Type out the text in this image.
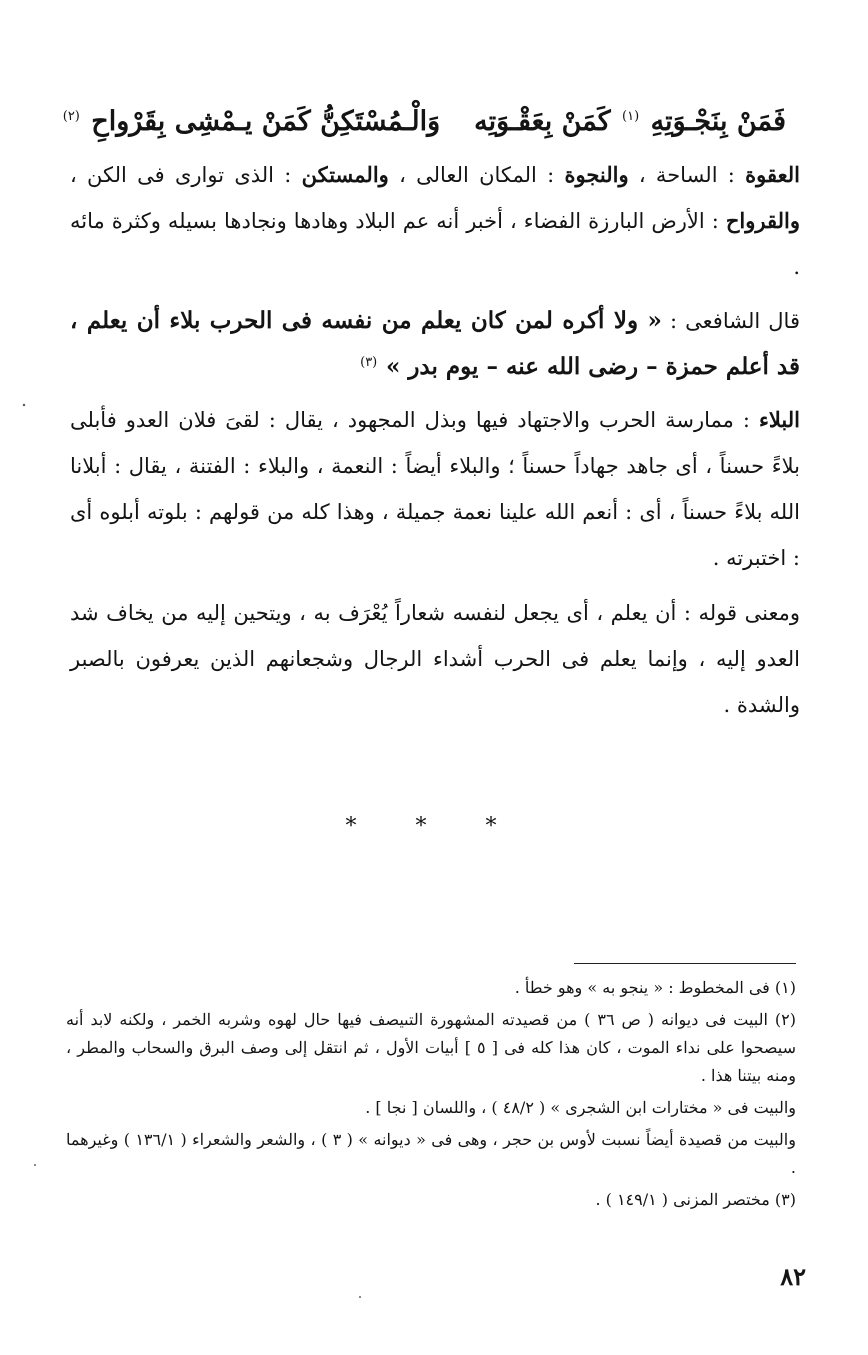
فَمَنْ بِنَجْـوَتِهِ $^{(١)}$ كَمَنْ بِعَقْـوَتِهوَالْـمُسْتَكِنُّ كَمَنْ يـمْشِى بِقَرْواحِ $^{(٢)}$

العقوة : الساحة ، والنجوة : المكان العالى ، والمستكن : الذى توارى فى الكن ، والقرواح : الأرض البارزة الفضاء ، أخبر أنه عم البلاد وهادها ونجادها بسيله وكثرة مائه .

قال الشافعى : « ولا أكره لمن كان يعلم من نفسه فى الحرب بلاء أن يعلم ، قد أعلم حمزة – رضى الله عنه – يوم بدر » $^{(٣)}$

البلاء : ممارسة الحرب والاجتهاد فيها وبذل المجهود ، يقال : لقىَ فلان العدو فأبلى بلاءً حسناً ، أى جاهد جهاداً حسناً ؛ والبلاء أيضاً : النعمة ، والبلاء : الفتنة ، يقال : أبلانا الله بلاءً حسناً ، أى : أنعم الله علينا نعمة جميلة ، وهذا كله من قولهم : بلوته أبلوه أى : اختبرته .

ومعنى قوله : أن يعلم ، أى يجعل لنفسه شعاراً يُعْرَف به ، ويتحين إليه من يخاف شد العدو إليه ، وإنما يعلم فى الحرب أشداء الرجال وشجعانهم الذين يعرفون بالصبر والشدة .

* * *

(١) فى المخطوط : « ينجو به » وهو خطأ .

(٢) البيت فى ديوانه ( ص ٣٦ ) من قصيدته المشهورة التىيصف فيها حال لهوه وشربه الخمر ، ولكنه لابد أنه سيصحوا على نداء الموت ، كان هذا كله فى [ ٥ ] أبيات الأول ، ثم انتقل إلى وصف البرق والسحاب والمطر ، ومنه بيتنا هذا .

والبيت فى « مختارات ابن الشجرى » ( ٤٨/٢ ) ، واللسان [ نجا ] .

والبيت من قصيدة أيضاً نسبت لأوس بن حجر ، وهى فى « ديوانه » ( ٣ ) ، والشعر والشعراء ( ١٣٦/١ ) وغيرهما .

(٣) مختصر المزنى ( ١٤٩/١ ) .

٨٢
